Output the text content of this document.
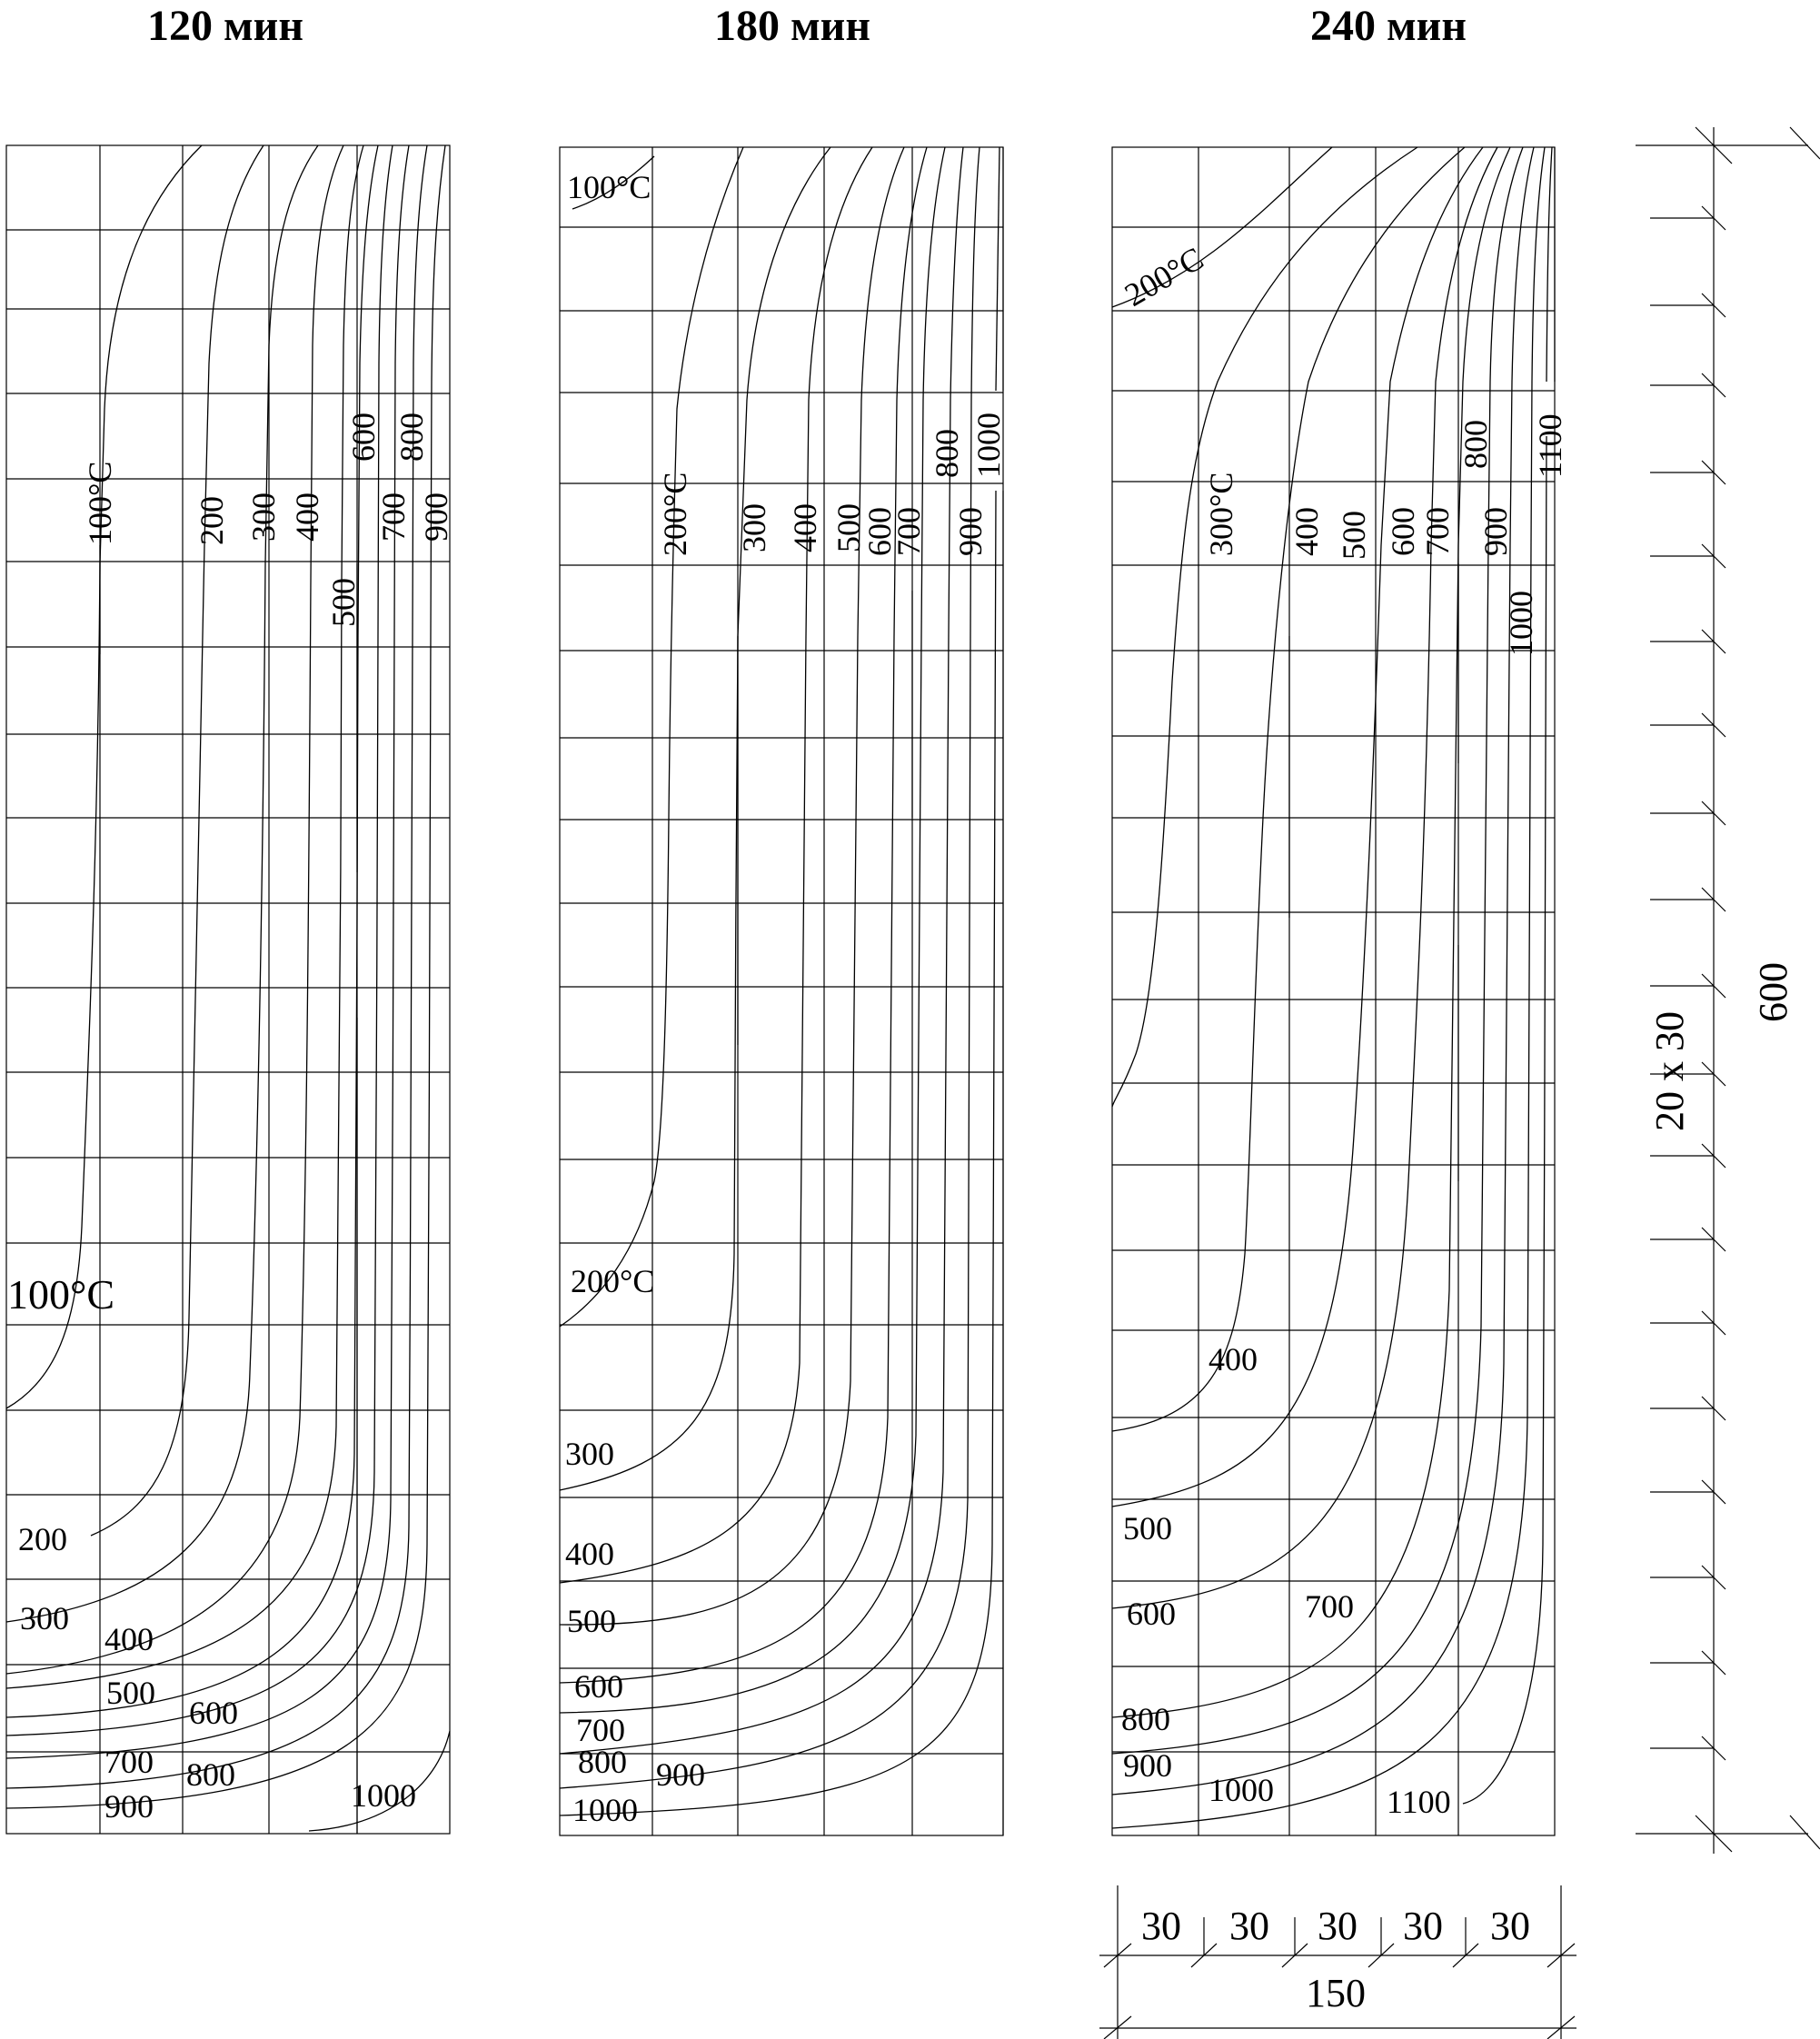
120 мин	180 мин	240 мин
100°C 200 300 400
500
600
700
800
900
100°C
200
300
400
500
600
700 800
900	1000
100°C
200°C 300 400 500
600
700
800
900
1000
200°C
300
400
500
600
700
800 900
1000
200°C
300°C 400 500 600
700
800
900
1000
1100
400
500
600	700
800
900
1000	1100
20 x 30
600
30 30 30 30 30
150
